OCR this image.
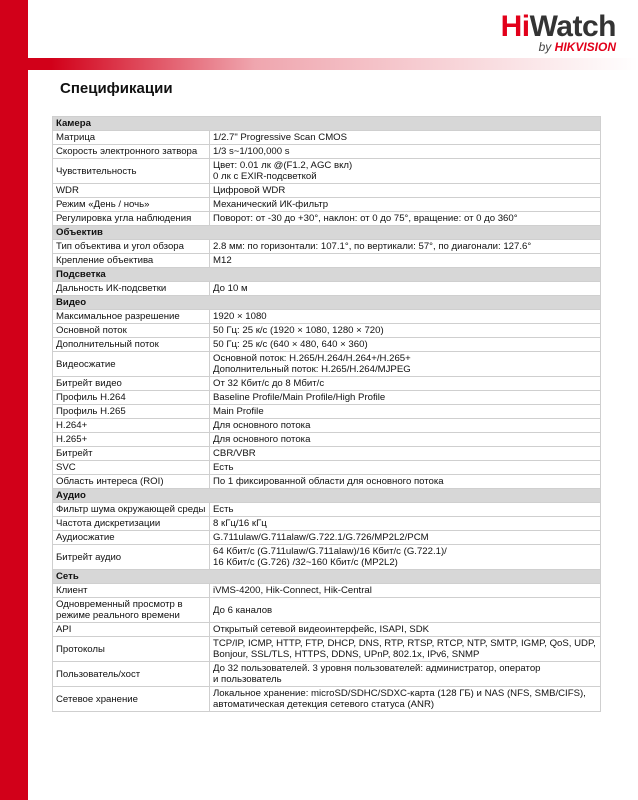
HiWatch
by HIKVISION
Спецификации
Камера	
Матрица	1/2.7" Progressive Scan CMOS

Скорость электронного затвора	1/3 s~1/100,000 s

Чувствительность	Цвет: 0.01 лк @(F1.2, AGC вкл)
0 лк с EXIR-подсветкой

WDR	Цифровой WDR

Режим «День / ночь»	Механический ИК-фильтр

Регулировка угла наблюдения	Поворот: от -30 до +30°, наклон: от 0 до 75°, вращение: от 0 до 360°

Объектив	
Тип объектива и угол обзора	2.8 мм: по горизонтали: 107.1°, по вертикали: 57°, по диагонали: 127.6°

Крепление объектива	M12

Подсветка	
Дальность ИК-подсветки	До 10 м

Видео	
Максимальное разрешение	1920 × 1080

Основной поток	50 Гц: 25 к/с (1920 × 1080, 1280 × 720)

Дополнительный поток	50 Гц: 25 к/с (640 × 480, 640 × 360)

Видеосжатие	Основной поток: H.265/H.264/H.264+/H.265+
Дополнительный поток: H.265/H.264/MJPEG

Битрейт видео	От 32 Кбит/с до 8 Мбит/с

Профиль H.264	Baseline Profile/Main Profile/High Profile

Профиль H.265	Main Profile

H.264+	Для основного потока

H.265+	Для основного потока

Битрейт	CBR/VBR

SVC	Есть

Область интереса (ROI)	По 1 фиксированной области для основного потока

Аудио	
Фильтр шума окружающей среды	Есть

Частота дискретизации	8 кГц/16 кГц

Аудиосжатие	G.711ulaw/G.711alaw/G.722.1/G.726/MP2L2/PCM

Битрейт аудио	64 Кбит/с (G.711ulaw/G.711alaw)/16 Кбит/с (G.722.1)/
16 Кбит/с (G.726) /32~160 Кбит/с (MP2L2)

Сеть	
Клиент	iVMS-4200, Hik-Connect, Hik-Central

Одновременный просмотр в режиме реального времени	До 6 каналов

API	Открытый сетевой видеоинтерфейс, ISAPI, SDK

Протоколы	TCP/IP, ICMP, HTTP, FTP, DHCP, DNS, RTP, RTSP, RTCP, NTP, SMTP, IGMP, QoS, UDP,
Bonjour, SSL/TLS, HTTPS, DDNS, UPnP, 802.1x, IPv6, SNMP

Пользователь/хост	До 32 пользователей. 3 уровня пользователей: администратор, оператор
и пользователь

Сетевое хранение	Локальное хранение: microSD/SDHC/SDXC-карта (128 ГБ) и NAS (NFS, SMB/CIFS),
автоматическая детекция сетевого статуса (ANR)
